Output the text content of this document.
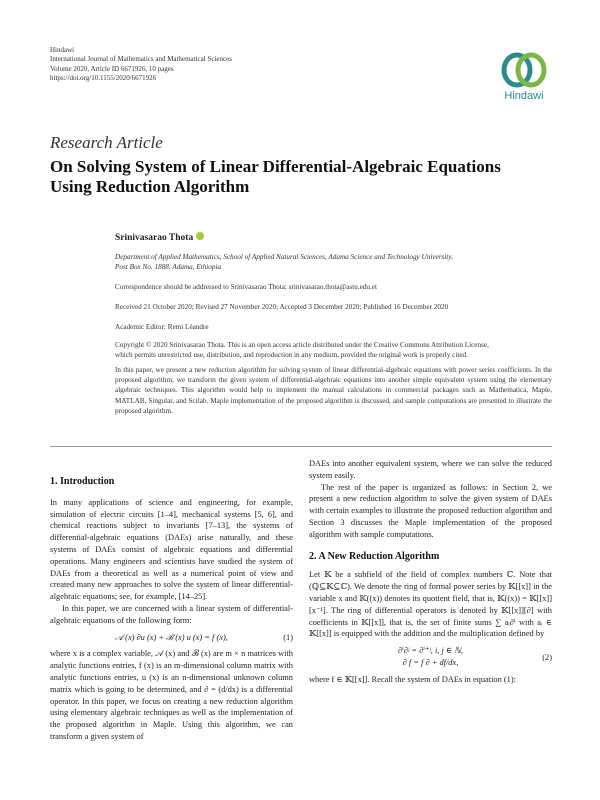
Hindawi
International Journal of Mathematics and Mathematical Sciences
Volume 2020, Article ID 6671926, 10 pages
https://doi.org/10.1155/2020/6671926
Hindawi
Research Article
On Solving System of Linear Differential-Algebraic Equations
Using Reduction Algorithm
Srinivasarao Thota
Department of Applied Mathematics, School of Applied Natural Sciences, Adama Science and Technology University,
Post Box No. 1888, Adama, Ethiopia
Correspondence should be addressed to Srinivasarao Thota; srinivasarao.thota@astu.edu.et
Received 21 October 2020; Revised 27 November 2020; Accepted 3 December 2020; Published 16 December 2020
Academic Editor: Remi Léandre
Copyright © 2020 Srinivasarao Thota. This is an open access article distributed under the Creative Commons Attribution License,
which permits unrestricted use, distribution, and reproduction in any medium, provided the original work is properly cited.
In this paper, we present a new reduction algorithm for solving system of linear differential-algebraic equations with power series coefficients. In the proposed algorithm, we transform the given system of differential-algebraic equations into another simple equivalent system using the elementary algebraic techniques. This algorithm would help to implement the manual calculations in commercial packages such as Mathematica, Maple, MATLAB, Singular, and Scilab. Maple implementation of the proposed algorithm is discussed, and sample computations are presented to illustrate the proposed algorithm.
1. Introduction

In many applications of science and engineering, for example, simulation of electric circuits [1–4], mechanical systems [5, 6], and chemical reactions subject to invariants [7–13], the systems of differential-algebraic equations (DAEs) arise naturally, and these systems of DAEs consist of algebraic equations and differential operations. Many engineers and scientists have studied the system of DAEs from a theoretical as well as a numerical point of view and created many new approaches to solve the system of linear differential-algebraic equations; see, for example, [14–25].

In this paper, we are concerned with a linear system of differential-algebraic equations of the following form:

𝒜 (x) ∂u (x) + ℬ (x) u (x) = f (x),	(1)

where x is a complex variable, 𝒜 (x) and ℬ (x) are m × n matrices with analytic functions entries, f (x) is an m-dimensional column matrix with analytic functions entries, u (x) is an n-dimensional unknown column matrix which is going to be determined, and ∂ = (d/dx) is a differential operator. In this paper, we focus on creating a new reduction algorithm using elementary algebraic techniques as well as the implementation of the proposed algorithm in Maple. Using this algorithm, we can transform a given system of

DAEs into another equivalent system, where we can solve the reduced system easily.

The rest of the paper is organized as follows: in Section 2, we present a new reduction algorithm to solve the given system of DAEs with certain examples to illustrate the proposed reduction algorithm and Section 3 discusses the Maple implementation of the proposed algorithm with sample computations.

2. A New Reduction Algorithm

Let 𝕂 be a subfield of the field of complex numbers ℂ. Note that (ℚ⊆𝕂⊆ℂ). We denote the ring of formal power series by 𝕂[[x]] in the variable x and 𝕂((x)) denotes its quotient field, that is, 𝕂((x)) = 𝕂[[x]][x⁻¹]. The ring of differential operators is denoted by 𝕂[[x]][∂] with coefficients in 𝕂[[x]], that is, the set of finite sums ∑ aᵢ∂ⁱ with aᵢ ∈ 𝕂[[x]] is equipped with the addition and the multiplication defined by

∂ⁱ∂ʲ = ∂ⁱ⁺ʲ, i, j ∈ ℕ,
∂ f = f ∂ + df/dx,
(2)

where f ∈ 𝕂[[x]]. Recall the system of DAEs in equation (1):
